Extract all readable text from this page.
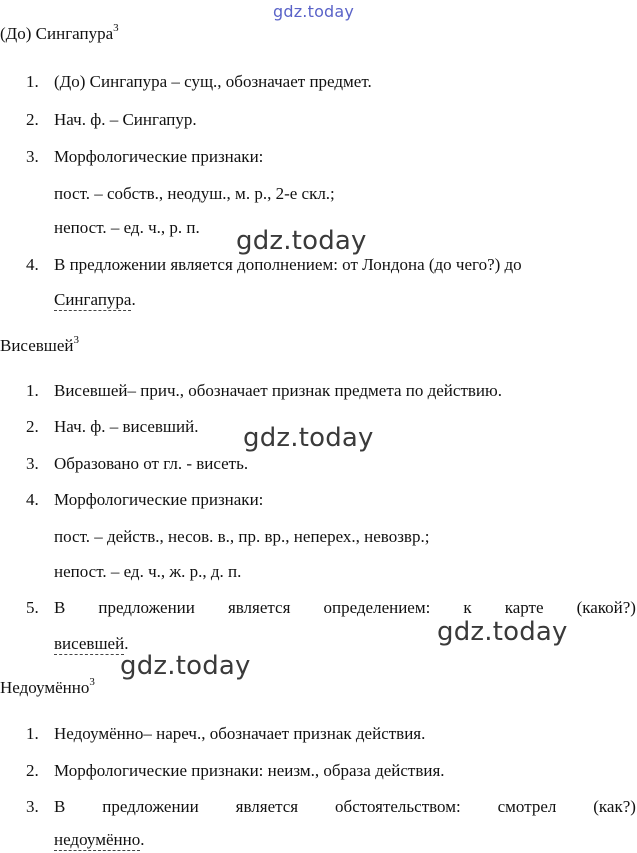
gdz.today
gdz.today
gdz.today
gdz.today
gdz.today
(До) Сингапура$^3$
1. (До) Сингапура – сущ., обозначает предмет.
2. Нач. ф. – Сингапур.
3. Морфологические признаки:
пост. – собств., неодуш., м. р., 2-е скл.;
непост. – ед. ч., р. п.
4. В предложении является дополнением: от Лондона (до чего?) до
Сингапура.
Висевшей$^3$
1. Висевшей– прич., обозначает признак предмета по действию.
2. Нач. ф. – висевший.
3. Образовано от гл. - висеть.
4. Морфологические признаки:
пост. – действ., несов. в., пр. вр., неперех., невозвр.;
непост. – ед. ч., ж. р., д. п.
5. В предложении является определением: к карте (какой?)
висевшей.
Недоумённо$^3$
1. Недоумённо– нареч., обозначает признак действия.
2. Морфологические признаки: неизм., образа действия.
3. В предложении является обстоятельством: смотрел (как?)
недоумённо.
